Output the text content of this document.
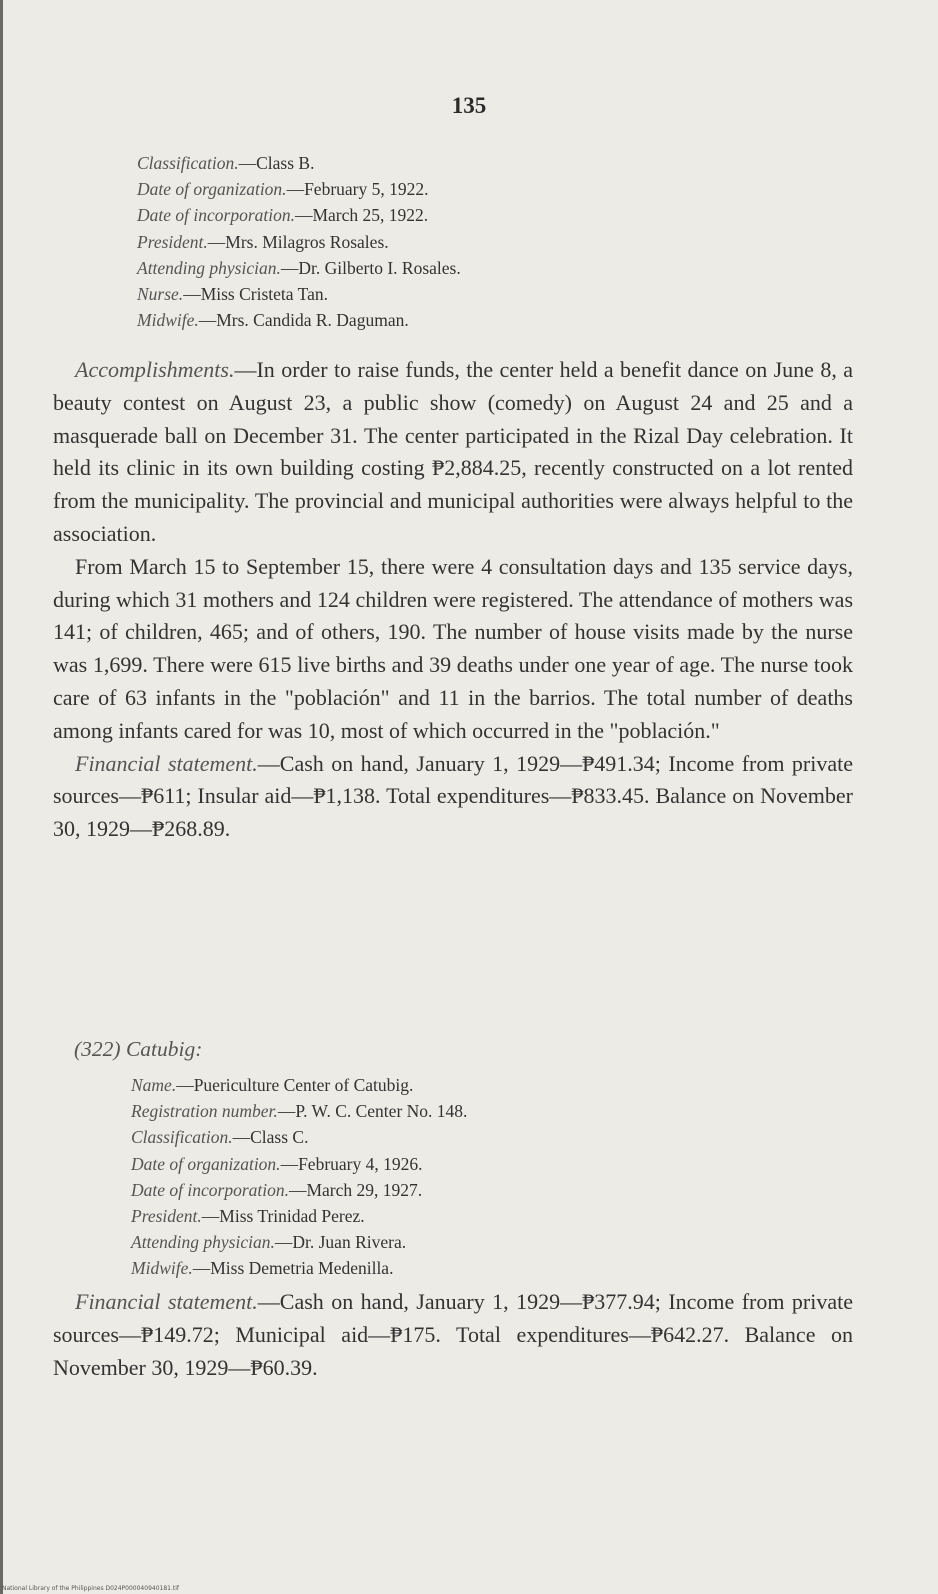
135
Classification.—Class B.
Date of organization.—February 5, 1922.
Date of incorporation.—March 25, 1922.
President.—Mrs. Milagros Rosales.
Attending physician.—Dr. Gilberto I. Rosales.
Nurse.—Miss Cristeta Tan.
Midwife.—Mrs. Candida R. Daguman.

Accomplishments.—In order to raise funds, the center held a benefit dance on June 8, a beauty contest on August 23, a public show (comedy) on August 24 and 25 and a masquerade ball on December 31. The center participated in the Rizal Day celebration. It held its clinic in its own building costing ₱2,884.25, recently constructed on a lot rented from the municipality. The provincial and municipal authorities were always helpful to the association.

From March 15 to September 15, there were 4 consultation days and 135 service days, during which 31 mothers and 124 children were registered. The attendance of mothers was 141; of children, 465; and of others, 190. The number of house visits made by the nurse was 1,699. There were 615 live births and 39 deaths under one year of age. The nurse took care of 63 infants in the "población" and 11 in the barrios. The total number of deaths among infants cared for was 10, most of which occurred in the "población."

Financial statement.—Cash on hand, January 1, 1929—₱491.34; Income from private sources—₱611; Insular aid—₱1,138. Total expenditures—₱833.45. Balance on November 30, 1929—₱268.89.

(322) Catubig:
Name.—Puericulture Center of Catubig.
Registration number.—P. W. C. Center No. 148.
Classification.—Class C.
Date of organization.—February 4, 1926.
Date of incorporation.—March 29, 1927.
President.—Miss Trinidad Perez.
Attending physician.—Dr. Juan Rivera.
Midwife.—Miss Demetria Medenilla.

Financial statement.—Cash on hand, January 1, 1929—₱377.94; Income from private sources—₱149.72; Municipal aid—₱175. Total expenditures—₱642.27. Balance on November 30, 1929—₱60.39.

National Library of the Philippines D024P000040940181.tif
